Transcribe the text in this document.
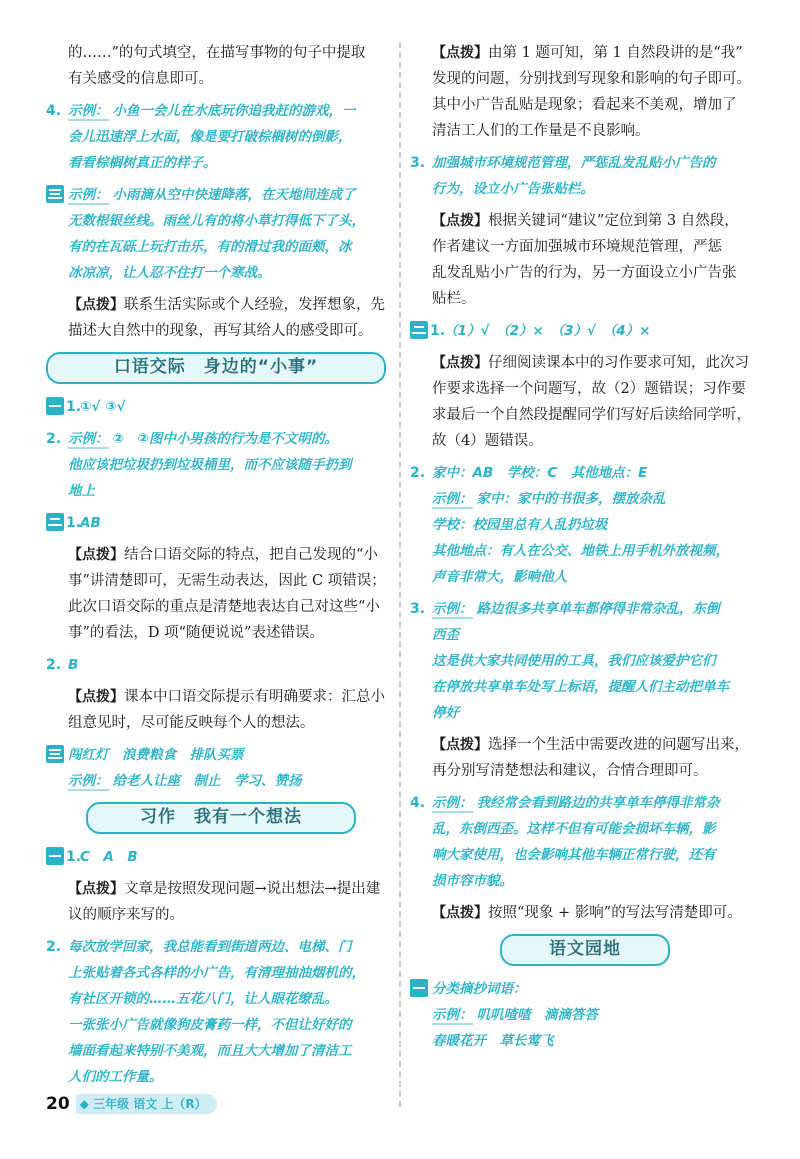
的……”的句式填空，在描写事物的句子中提取
有关感受的信息即可。
4. 示例： 小鱼一会儿在水底玩你追我赶的游戏，一
会儿迅速浮上水面，像是要打破棕榈树的倒影，
看看棕榈树真正的样子。
示例： 小雨滴从空中快速降落，在天地间连成了
无数根银丝线。雨丝儿有的将小草打得低下了头，
有的在瓦砾上玩打击乐，有的滑过我的面颊，冰
冰凉凉，让人忍不住打一个寒战。
【点拨】联系生活实际或个人经验，发挥想象，先
描述大自然中的现象，再写其给人的感受即可。
口语交际　身边的“小事”
1.
①√ ③√
2. 示例： ②　②图中小男孩的行为是不文明的。
他应该把垃圾扔到垃圾桶里，而不应该随手扔到
地上
1.
AB
【点拨】结合口语交际的特点，把自己发现的“小
事”讲清楚即可，无需生动表达，因此 C 项错误；
此次口语交际的重点是清楚地表达自己对这些“小
事”的看法，D 项“随便说说”表述错误。
2. B
【点拨】课本中口语交际提示有明确要求：汇总小
组意见时，尽可能反映每个人的想法。
闯红灯　浪费粮食　排队买票
示例： 给老人让座　制止　学习、赞扬
习作　我有一个想法
1.
C　A　B
【点拨】文章是按照发现问题→说出想法→提出建
议的顺序来写的。
2. 每次放学回家，我总能看到街道两边、电梯、门
上张贴着各式各样的小广告，有清理抽油烟机的，
有社区开锁的……五花八门，让人眼花缭乱。
一张张小广告就像狗皮膏药一样，不但让好好的
墙面看起来特别不美观，而且大大增加了清洁工
人们的工作量。
【点拨】由第 1 题可知，第 1 自然段讲的是“我”
发现的问题，分别找到写现象和影响的句子即可。
其中小广告乱贴是现象；看起来不美观，增加了
清洁工人们的工作量是不良影响。
3. 加强城市环境规范管理，严惩乱发乱贴小广告的
行为，设立小广告张贴栏。
【点拨】根据关键词“建议”定位到第 3 自然段，
作者建议一方面加强城市环境规范管理，严惩
乱发乱贴小广告的行为，另一方面设立小广告张
贴栏。
1.
（1）√　（2）×　（3）√　（4）×
【点拨】仔细阅读课本中的习作要求可知，此次习
作要求选择一个问题写，故（2）题错误；习作要
求最后一个自然段提醒同学们写好后读给同学听，
故（4）题错误。
2. 家中：AB　学校：C　其他地点：E
示例： 家中：家中的书很多，摆放杂乱
学校：校园里总有人乱扔垃圾
其他地点：有人在公交、地铁上用手机外放视频，
声音非常大，影响他人
3. 示例： 路边很多共享单车都停得非常杂乱，东倒
西歪
这是供大家共同使用的工具，我们应该爱护它们
在停放共享单车处写上标语，提醒人们主动把单车
停好
【点拨】选择一个生活中需要改进的问题写出来，
再分别写清楚想法和建议，合情合理即可。
4. 示例： 我经常会看到路边的共享单车停得非常杂
乱，东倒西歪。这样不但有可能会损坏车辆，影
响大家使用，也会影响其他车辆正常行驶，还有
损市容市貌。
【点拨】按照“现象 + 影响”的写法写清楚即可。
语文园地
分类摘抄词语：
示例： 叽叽喳喳　滴滴答答
春暖花开　草长莺飞
20 ◆ 三年级 语文 上（R）
